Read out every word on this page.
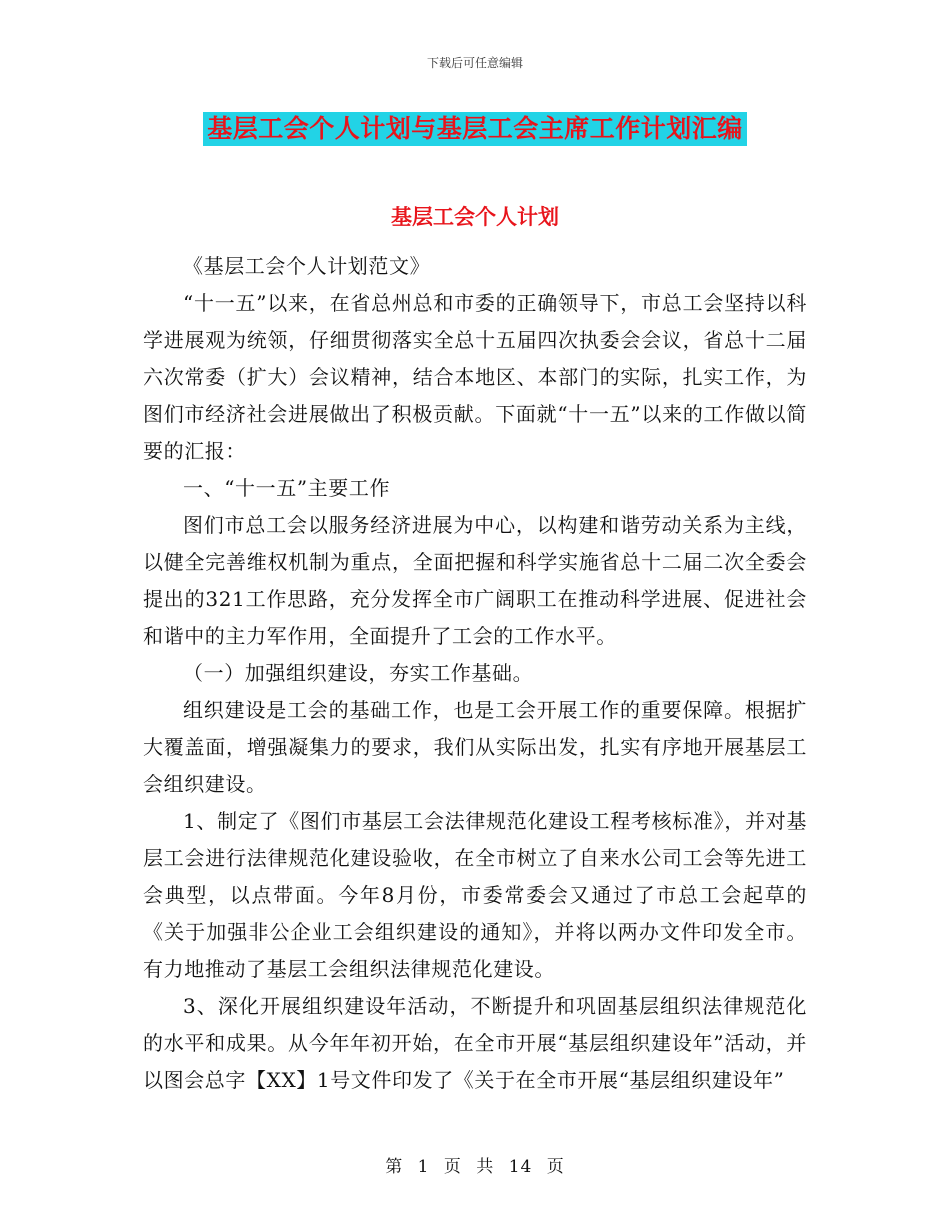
下载后可任意编辑
基层工会个人计划与基层工会主席工作计划汇编
基层工会个人计划

《基层工会个人计划范文》

“十一五”以来，在省总州总和市委的正确领导下，市总工会坚持以科学进展观为统领，仔细贯彻落实全总十五届四次执委会会议，省总十二届六次常委（扩大）会议精神，结合本地区、本部门的实际，扎实工作，为图们市经济社会进展做出了积极贡献。下面就“十一五”以来的工作做以简要的汇报：

一、“十一五”主要工作

图们市总工会以服务经济进展为中心，以构建和谐劳动关系为主线，以健全完善维权机制为重点，全面把握和科学实施省总十二届二次全委会提出的321工作思路，充分发挥全市广阔职工在推动科学进展、促进社会和谐中的主力军作用，全面提升了工会的工作水平。

（一）加强组织建设，夯实工作基础。

组织建设是工会的基础工作，也是工会开展工作的重要保障。根据扩大覆盖面，增强凝集力的要求，我们从实际出发，扎实有序地开展基层工会组织建设。

1、制定了《图们市基层工会法律规范化建设工程考核标准》，并对基层工会进行法律规范化建设验收，在全市树立了自来水公司工会等先进工会典型，以点带面。今年8月份，市委常委会又通过了市总工会起草的《关于加强非公企业工会组织建设的通知》，并将以两办文件印发全市。有力地推动了基层工会组织法律规范化建设。

3、深化开展组织建设年活动，不断提升和巩固基层组织法律规范化的水平和成果。从今年年初开始，在全市开展“基层组织建设年”活动，并以图会总字【XX】1号文件印发了《关于在全市开展“基层组织建设年”

第 1 页 共 14 页
